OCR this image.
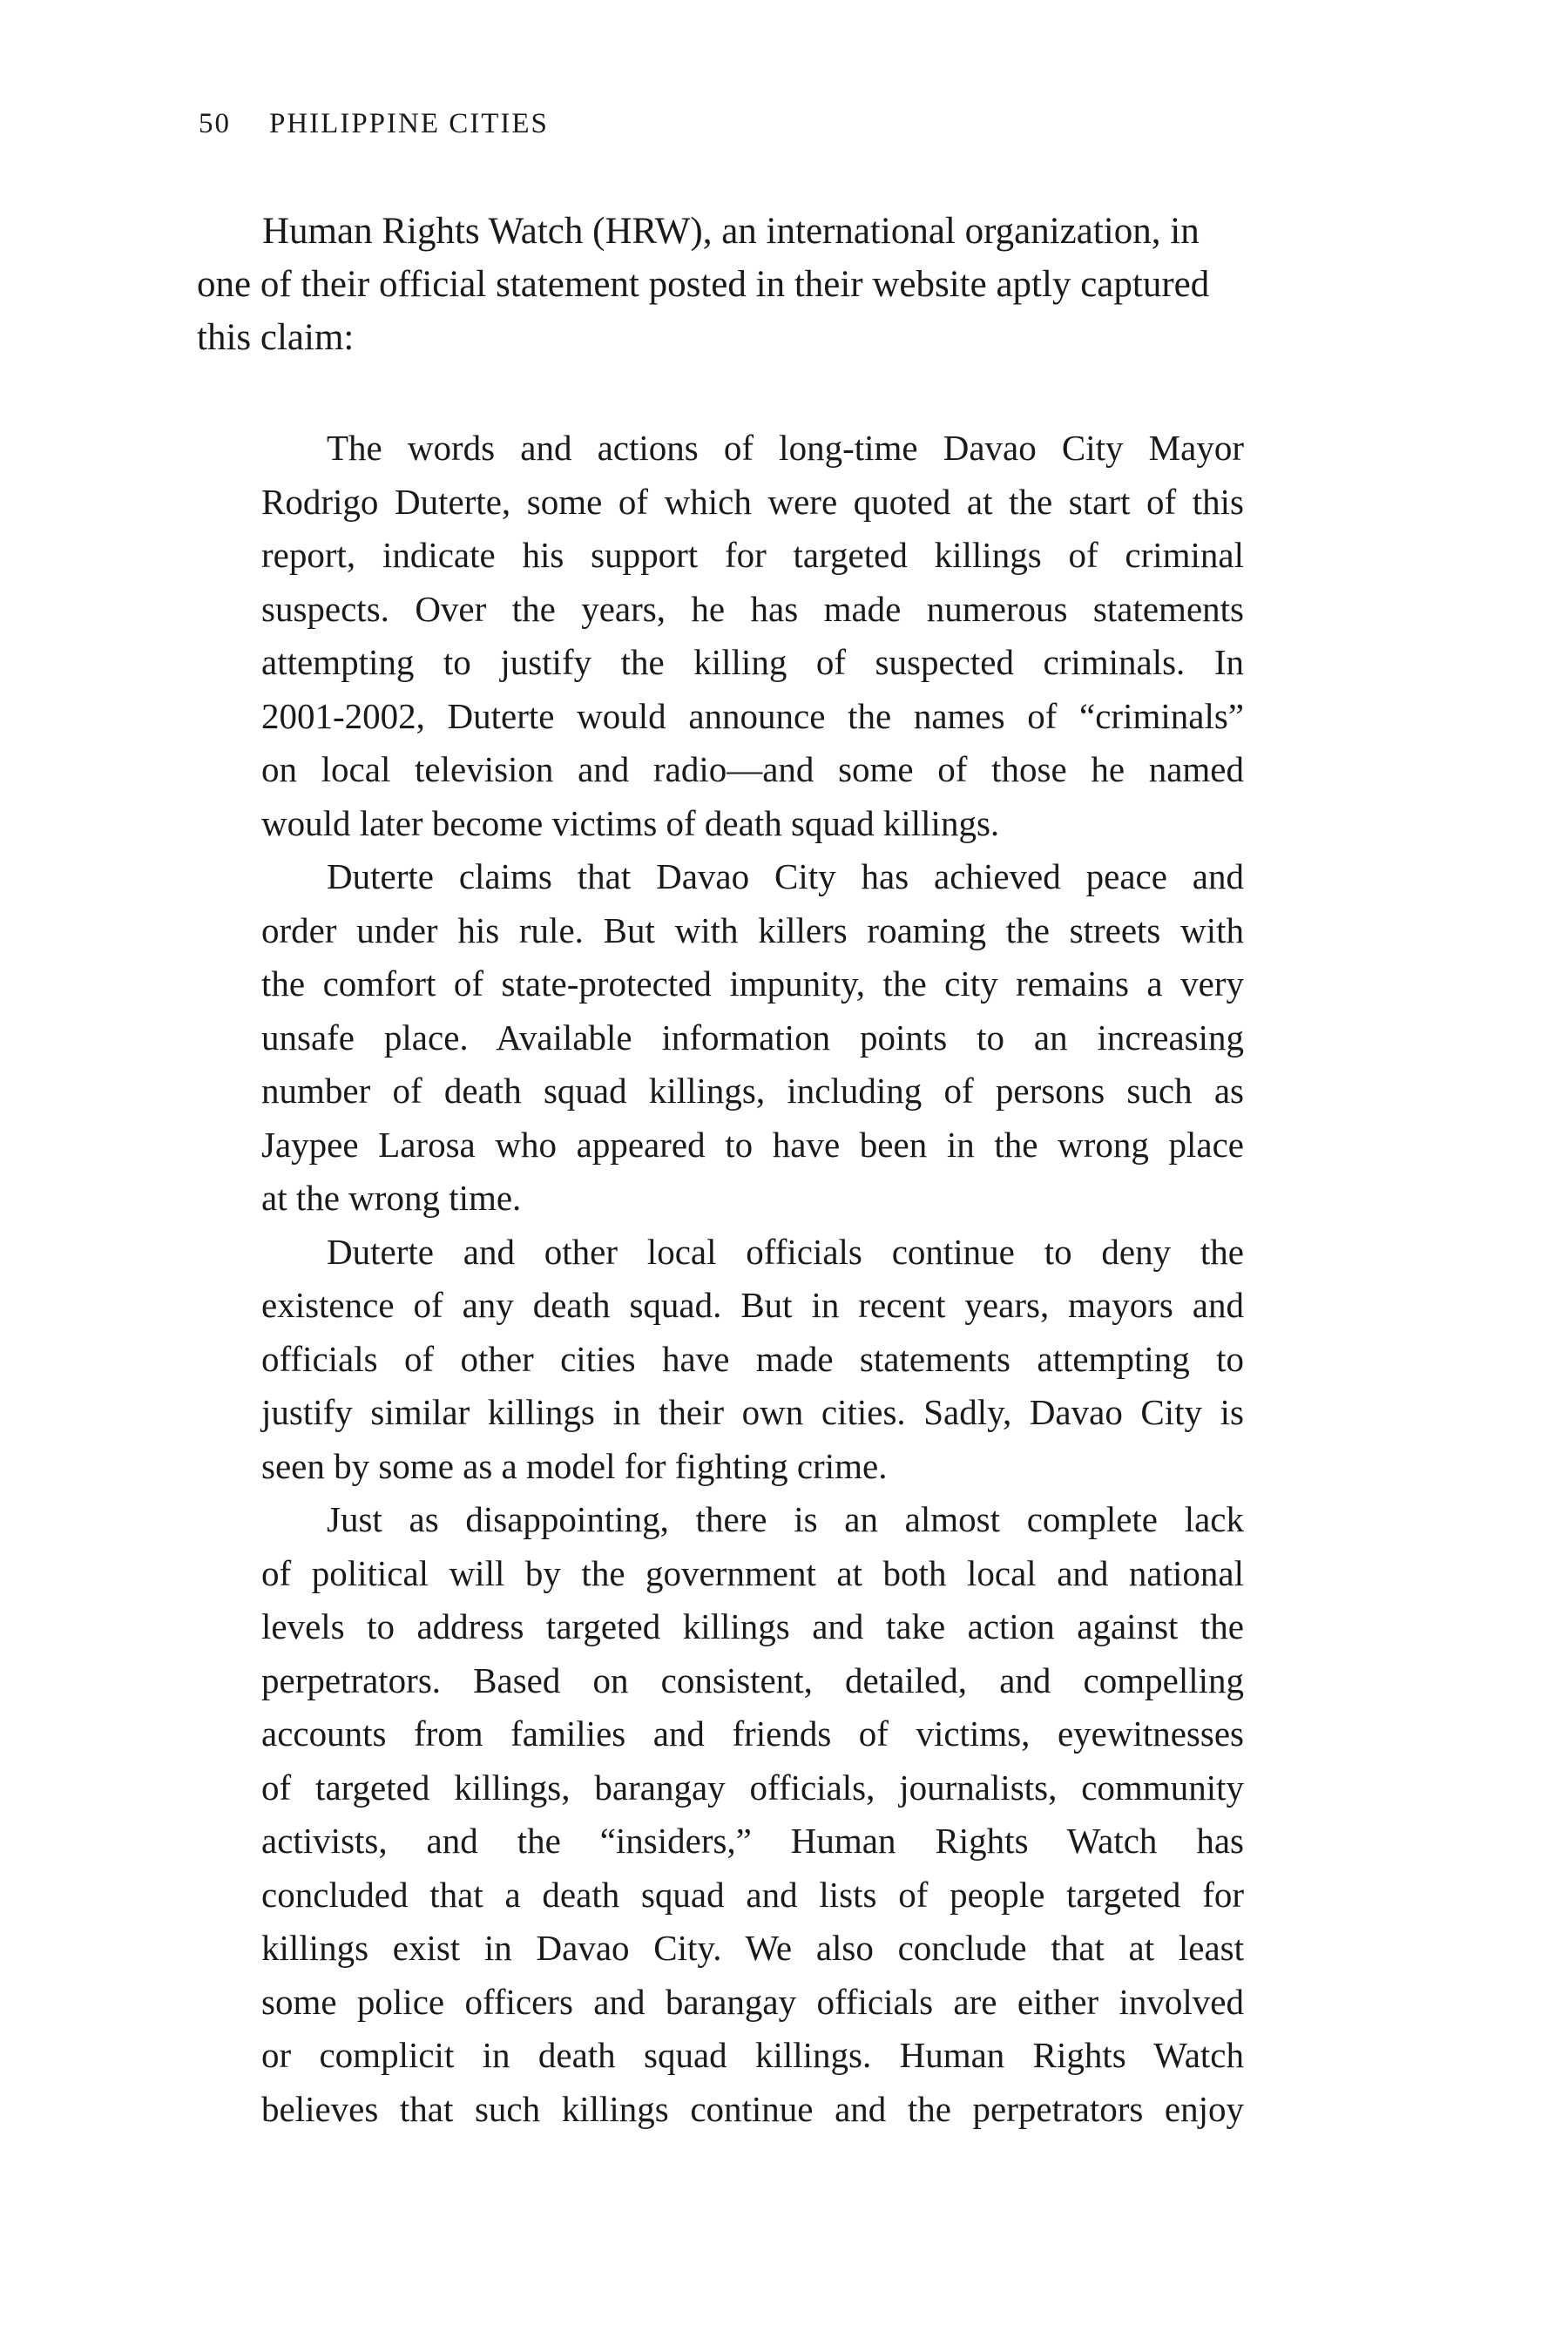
50 PHILIPPINE CITIES
Human Rights Watch (HRW), an international organization, in
one of their official statement posted in their website aptly captured
this claim:
The words and actions of long-time Davao City Mayor
Rodrigo Duterte, some of which were quoted at the start of this
report, indicate his support for targeted killings of criminal
suspects. Over the years, he has made numerous statements
attempting to justify the killing of suspected criminals. In
2001-2002, Duterte would announce the names of “criminals”
on local television and radio—and some of those he named
would later become victims of death squad killings.
Duterte claims that Davao City has achieved peace and
order under his rule. But with killers roaming the streets with
the comfort of state-protected impunity, the city remains a very
unsafe place. Available information points to an increasing
number of death squad killings, including of persons such as
Jaypee Larosa who appeared to have been in the wrong place
at the wrong time.
Duterte and other local officials continue to deny the
existence of any death squad. But in recent years, mayors and
officials of other cities have made statements attempting to
justify similar killings in their own cities. Sadly, Davao City is
seen by some as a model for fighting crime.
Just as disappointing, there is an almost complete lack
of political will by the government at both local and national
levels to address targeted killings and take action against the
perpetrators. Based on consistent, detailed, and compelling
accounts from families and friends of victims, eyewitnesses
of targeted killings, barangay officials, journalists, community
activists, and the “insiders,” Human Rights Watch has
concluded that a death squad and lists of people targeted for
killings exist in Davao City. We also conclude that at least
some police officers and barangay officials are either involved
or complicit in death squad killings. Human Rights Watch
believes that such killings continue and the perpetrators enjoy
